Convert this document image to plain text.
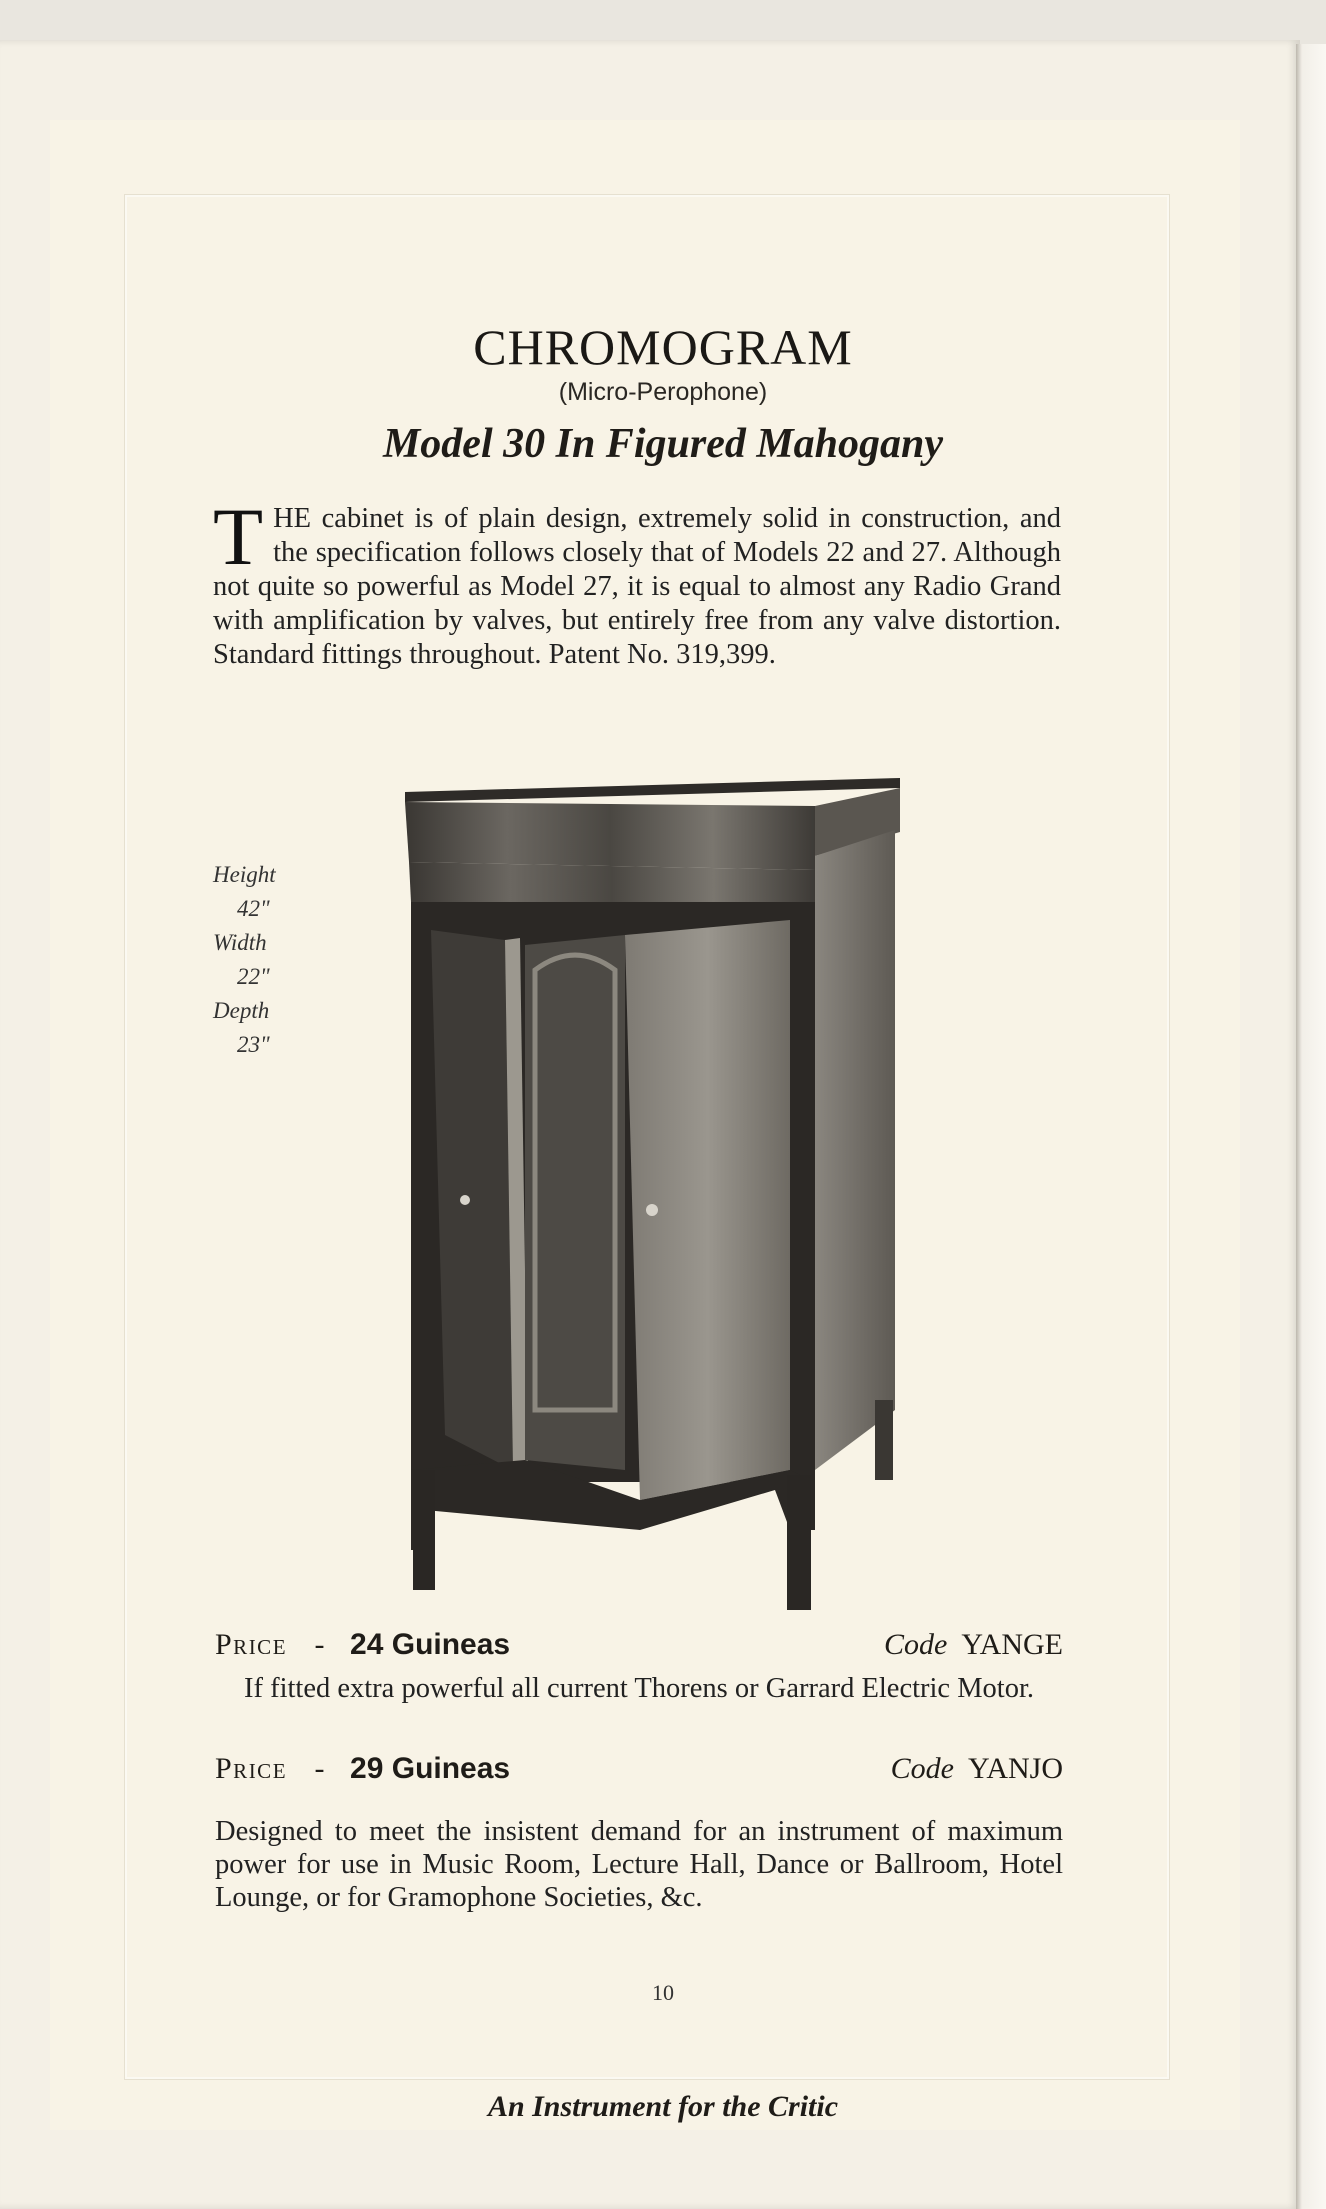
CHROMOGRAM
(Micro-Perophone)
Model 30 In Figured Mahogany
T HE cabinet is of plain design, extremely solid in construction, and the specification follows closely that of Models 22 and 27. Although not quite so powerful as Model 27, it is equal to almost any Radio Grand with amplification by valves, but entirely free from any valve distortion. Standard fittings throughout. Patent No. 319,399.
Height
42"
Width
22"
Depth
23"
Price - 24 Guineas	Code YANGE
If fitted extra powerful all current Thorens or Garrard Electric Motor.
Price - 29 Guineas	Code YANJO
Designed to meet the insistent demand for an instrument of maximum power for use in Music Room, Lecture Hall, Dance or Ballroom, Hotel Lounge, or for Gramophone Societies, &c.
10
An Instrument for the Critic
